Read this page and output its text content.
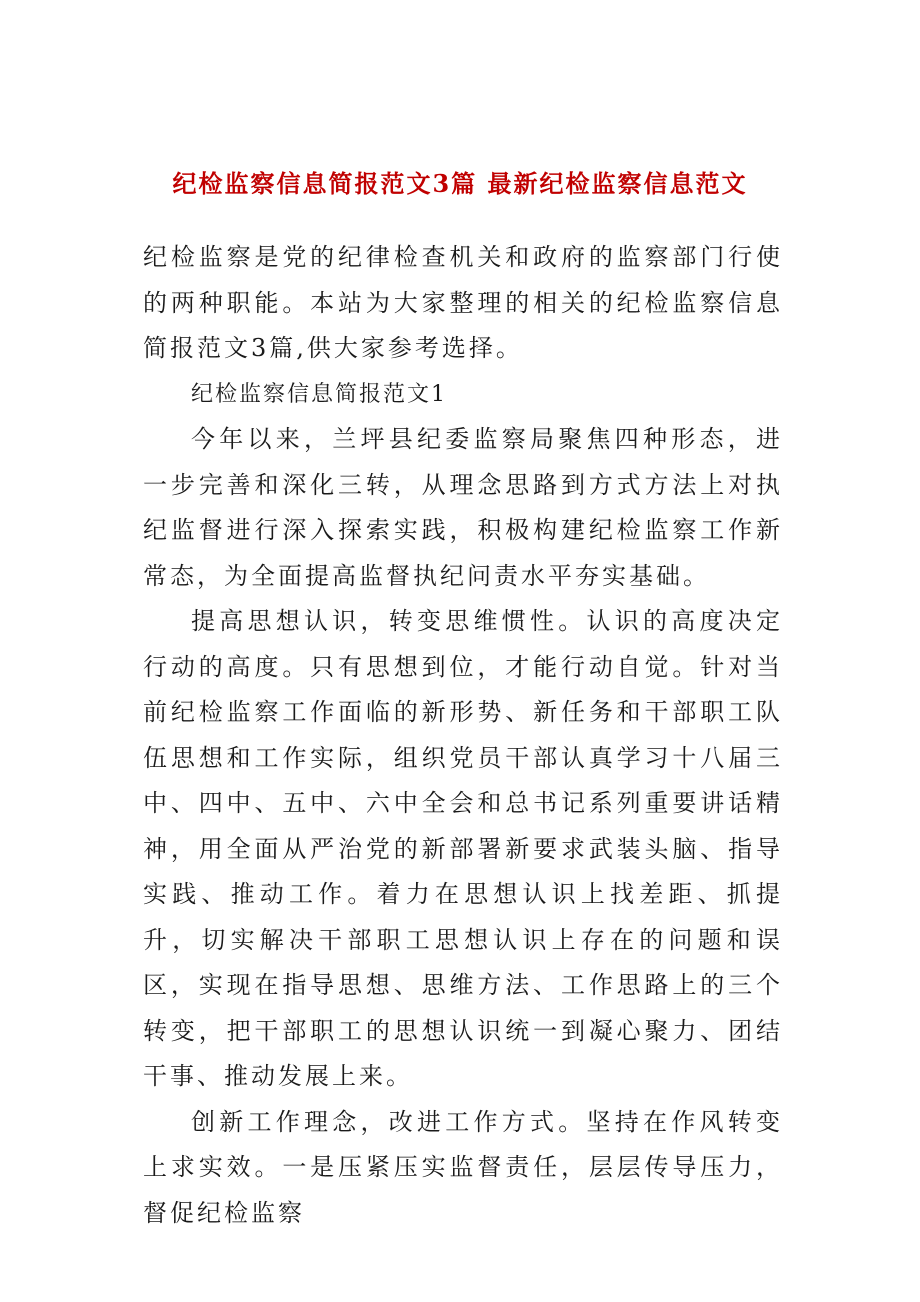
纪检监察信息简报范文3篇 最新纪检监察信息范文

纪检监察是党的纪律检查机关和政府的监察部门行使的两种职能。本站为大家整理的相关的纪检监察信息简报范文3篇,供大家参考选择。

纪检监察信息简报范文1

今年以来，兰坪县纪委监察局聚焦四种形态，进一步完善和深化三转，从理念思路到方式方法上对执纪监督进行深入探索实践，积极构建纪检监察工作新常态，为全面提高监督执纪问责水平夯实基础。

提高思想认识，转变思维惯性。认识的高度决定行动的高度。只有思想到位，才能行动自觉。针对当前纪检监察工作面临的新形势、新任务和干部职工队伍思想和工作实际，组织党员干部认真学习十八届三中、四中、五中、六中全会和总书记系列重要讲话精神，用全面从严治党的新部署新要求武装头脑、指导实践、推动工作。着力在思想认识上找差距、抓提升，切实解决干部职工思想认识上存在的问题和误区，实现在指导思想、思维方法、工作思路上的三个转变，把干部职工的思想认识统一到凝心聚力、团结干事、推动发展上来。

创新工作理念，改进工作方式。坚持在作风转变上求实效。一是压紧压实监督责任，层层传导压力，督促纪检监察
